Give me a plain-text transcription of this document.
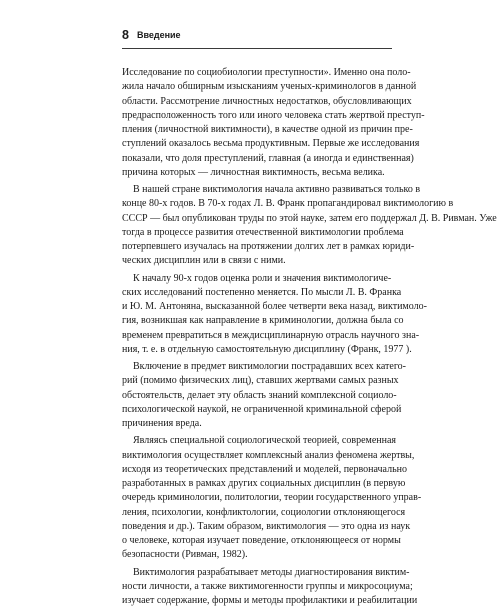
8 Введение
Исследование по социобиологии преступности». Именно она поло-
жила начало обширным изысканиям ученых-криминологов в данной
области. Рассмотрение личностных недостатков, обусловливающих
предрасположенность того или иного человека стать жертвой преступ-
пления (личностной виктимности), в качестве одной из причин пре-
ступлений оказалось весьма продуктивным. Первые же исследования
показали, что доля преступлений, главная (а иногда и единственная)
причина которых — личностная виктимность, весьма велика.
В нашей стране виктимология начала активно развиваться только в
конце 80-х годов. В 70-х годах Л. В. Франк пропагандировал виктимологию в
СССР — был опубликован труды по этой науке, затем его поддержал Д. В. Ривман. Уже
тогда в процессе развития отечественной виктимологии проблема
потерпевшего изучалась на протяжении долгих лет в рамках юриди-
ческих дисциплин или в связи с ними.
К началу 90-х годов оценка роли и значения виктимологиче-
ских исследований постепенно меняется. По мысли Л. В. Франка
и Ю. М. Антоняна, высказанной более четверти века назад, виктимоло-
гия, возникшая как направление в криминологии, должна была со
временем превратиться в междисциплинарную отрасль научного зна-
ния, т. е. в отдельную самостоятельную дисциплину (Франк, 1977 ).
Включение в предмет виктимологии пострадавших всех катего-
рий (помимо физических лиц), ставших жертвами самых разных
обстоятельств, делает эту область знаний комплексной социоло-
психологической наукой, не ограниченной криминальной сферой
причинения вреда.
Являясь специальной социологической теорией, современная
виктимология осуществляет комплексный анализ феномена жертвы,
исходя из теоретических представлений и моделей, первоначально
разработанных в рамках других социальных дисциплин (в первую
очередь криминологии, политологии, теории государственного управ-
ления, психологии, конфликтологии, социологии отклоняющегося
поведения и др.). Таким образом, виктимология — это одна из наук
о человеке, которая изучает поведение, отклоняющееся от нормы
безопасности (Ривман, 1982).
Виктимология разрабатывает методы диагностирования виктим-
ности личности, а также виктимогенности группы и микросоциума;
изучает содержание, формы и методы профилактики и реабилитации
